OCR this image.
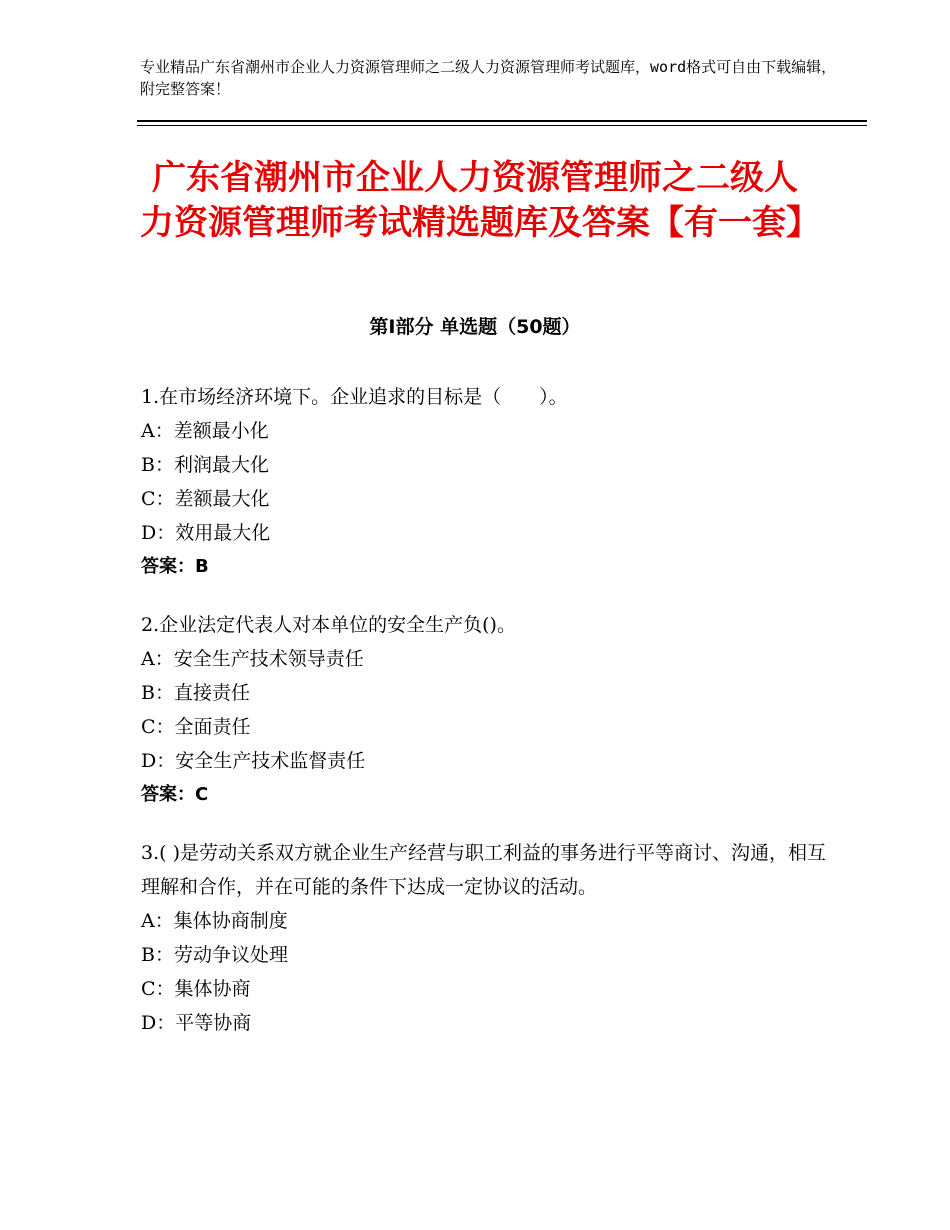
专业精品广东省潮州市企业人力资源管理师之二级人力资源管理师考试题库，word格式可自由下载编辑，附完整答案！
广东省潮州市企业人力资源管理师之二级人力资源管理师考试精选题库及答案【有一套】
第Ⅰ部分 单选题（50题）
1.在市场经济环境下。企业追求的目标是（　　）。
A：差额最小化
B：利润最大化
C：差额最大化
D：效用最大化
答案：B
2.企业法定代表人对本单位的安全生产负()。
A：安全生产技术领导责任
B：直接责任
C：全面责任
D：安全生产技术监督责任
答案：C
3.( )是劳动关系双方就企业生产经营与职工利益的事务进行平等商讨、沟通，相互理解和合作，并在可能的条件下达成一定协议的活动。
A：集体协商制度
B：劳动争议处理
C：集体协商
D：平等协商
